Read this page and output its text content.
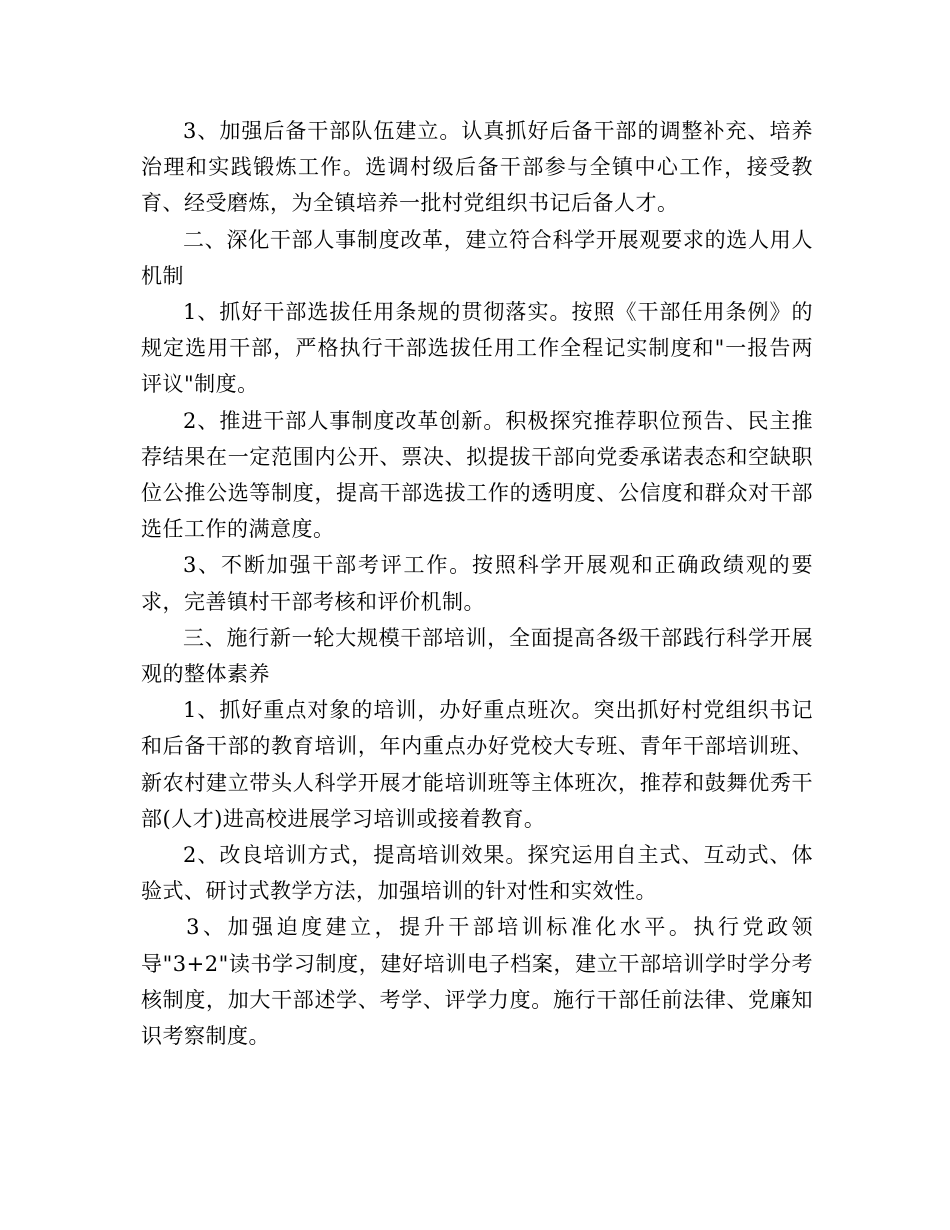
3、加强后备干部队伍建立。认真抓好后备干部的调整补充、培养治理和实践锻炼工作。选调村级后备干部参与全镇中心工作，接受教育、经受磨炼，为全镇培养一批村党组织书记后备人才。

二、深化干部人事制度改革，建立符合科学开展观要求的选人用人机制

1、抓好干部选拔任用条规的贯彻落实。按照《干部任用条例》的规定选用干部，严格执行干部选拔任用工作全程记实制度和"一报告两评议"制度。

2、推进干部人事制度改革创新。积极探究推荐职位预告、民主推荐结果在一定范围内公开、票决、拟提拔干部向党委承诺表态和空缺职位公推公选等制度，提高干部选拔工作的透明度、公信度和群众对干部选任工作的满意度。

3、不断加强干部考评工作。按照科学开展观和正确政绩观的要求，完善镇村干部考核和评价机制。

三、施行新一轮大规模干部培训，全面提高各级干部践行科学开展观的整体素养

1、抓好重点对象的培训，办好重点班次。突出抓好村党组织书记和后备干部的教育培训，年内重点办好党校大专班、青年干部培训班、新农村建立带头人科学开展才能培训班等主体班次，推荐和鼓舞优秀干部(人才)进高校进展学习培训或接着教育。

2、改良培训方式，提高培训效果。探究运用自主式、互动式、体验式、研讨式教学方法，加强培训的针对性和实效性。

3、加强迫度建立，提升干部培训标准化水平。执行党政领导"3+2"读书学习制度，建好培训电子档案，建立干部培训学时学分考核制度，加大干部述学、考学、评学力度。施行干部任前法律、党廉知识考察制度。
